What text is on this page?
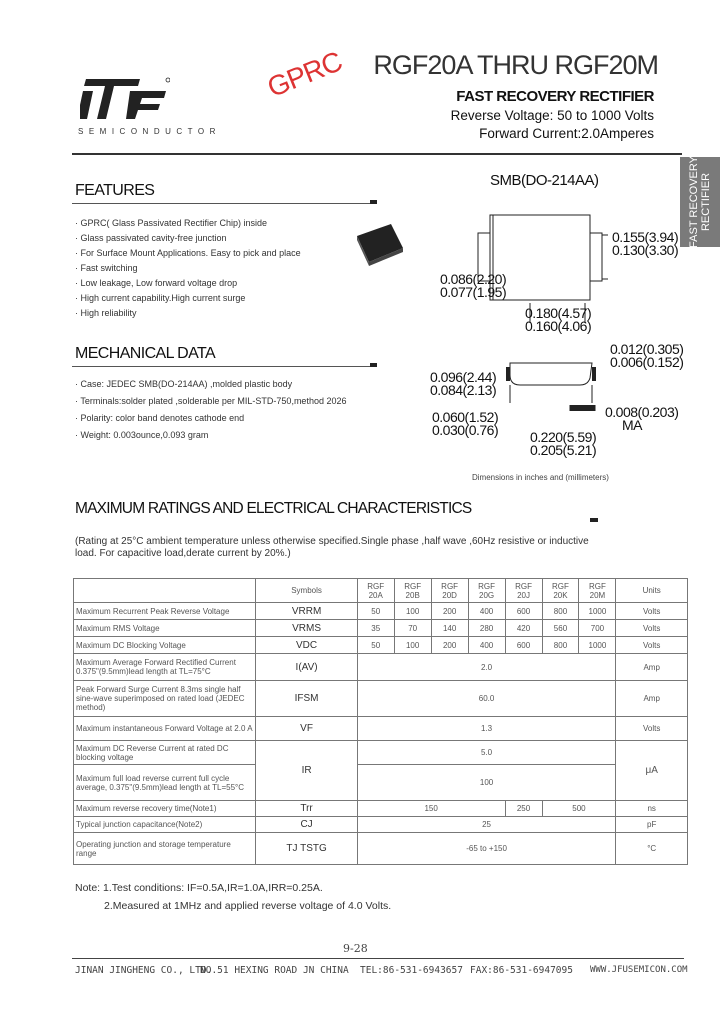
SEMICONDUCTOR
GPRC RGF20A THRU RGF20M
FAST RECOVERY RECTIFIER
Reverse Voltage: 50 to 1000 Volts
Forward Current:2.0Amperes
FAST RECOVERY RECTIFIER
FEATURES
· GPRC( Glass Passivated Rectifier Chip) inside
· Glass passivated cavity-free junction
· For Surface Mount Applications. Easy to pick and place
· Fast switching
· Low leakage, Low forward voltage drop
· High current capability.High current surge
· High reliability
MECHANICAL DATA
· Case: JEDEC SMB(DO-214AA) ,molded plastic body
· Terminals:solder plated ,solderable per MIL-STD-750,method 2026
· Polarity: color band denotes cathode end
· Weight: 0.003ounce,0.093 gram
SMB(DO-214AA)
0.155(3.94)
0.130(3.30)
0.086(2.20)
0.077(1.95)
0.180(4.57)
0.160(4.06)
0.012(0.305)
0.006(0.152)
0.096(2.44)
0.084(2.13)
0.060(1.52)
0.030(0.76)
0.008(0.203)
MA
0.220(5.59)
0.205(5.21)
Dimensions in inches and (millimeters)
MAXIMUM RATINGS AND ELECTRICAL CHARACTERISTICS
(Rating at 25°C ambient temperature unless otherwise specified.Single phase ,half wave ,60Hz resistive or inductive
load. For capacitive load,derate current by 20%.)
	Symbols	RGF 20A	RGF 20B	RGF 20D	RGF 20G	RGF 20J	RGF 20K	RGF 20M	Units
Maximum Recurrent Peak Reverse Voltage	VRRM	50	100	200	400	600	800	1000	Volts
Maximum RMS Voltage	VRMS	35	70	140	280	420	560	700	Volts
Maximum DC Blocking Voltage	VDC	50	100	200	400	600	800	1000	Volts
Maximum Average Forward Rectified Current 0.375"(9.5mm)lead length at TL=75°C	I(AV)	2.0							Amp
Peak Forward Surge Current 8.3ms single half sine-wave superimposed on rated load (JEDEC method)	IFSM	60.0							Amp
Maximum instantaneous Forward Voltage at 2.0 A	VF	1.3							Volts
Maximum DC Reverse Current at rated DC blocking voltage	IR	5.0							μA
Maximum full load reverse current full cycle average, 0.375"(9.5mm)lead length at TL=55°C		100							
Maximum reverse recovery time(Note1)	Trr	150				250	500		ns
Typical junction capacitance(Note2)	CJ	25							pF
Operating junction and storage temperature range	TJ TSTG	-65 to +150							°C
Note: 1.Test conditions: IF=0.5A,IR=1.0A,IRR=0.25A.
2.Measured at 1MHz and applied reverse voltage of 4.0 Volts.
9-28
JINAN JINGHENG CO., LTD.
NO.51 HEXING ROAD JN CHINA TEL:86-531-6943657 FAX:86-531-6947095 WWW.JFUSEMICON.COM
